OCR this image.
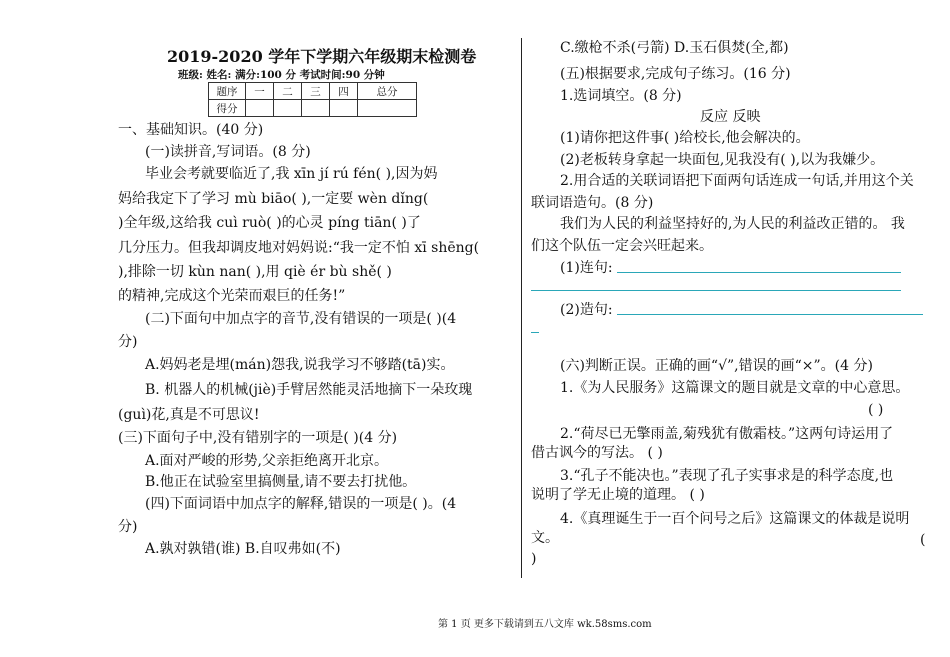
2019-2020 学年下学期六年级期末检测卷
班级: 姓名: 满分:100 分 考试时间:90 分钟
题序	一	二	三	四	总分
得分					
一、基础知识。(40 分)
(一)读拼音,写词语。(8 分)
毕业会考就要临近了,我 xīn jí rú fén( ),因为妈
妈给我定下了学习 mù biāo( ),一定要 wèn dǐng(
)全年级,这给我 cuì ruò( )的心灵 píng tiān( )了
几分压力。但我却调皮地对妈妈说:“我一定不怕 xī shēng(
),排除一切 kùn nan( ),用 qiè ér bù shě( )
的精神,完成这个光荣而艰巨的任务!”
(二)下面句中加点字的音节,没有错误的一项是( )(4
分)
A.妈妈老是埋(mán)怨我,说我学习不够踏(tā)实。
B. 机器人的机械(jiè)手臂居然能灵活地摘下一朵玫瑰
(guì)花,真是不可思议!
(三)下面句子中,没有错别字的一项是( )(4 分)
A.面对严峻的形势,父亲拒绝离开北京。
B.他正在试验室里搞侧量,请不要去打扰他。
(四)下面词语中加点字的解释,错误的一项是( )。(4
分)
A.孰对孰错(谁) B.自叹弗如(不)
C.缴枪不杀(弓箭) D.玉石俱焚(全,都)
(五)根据要求,完成句子练习。(16 分)
1.选词填空。(8 分)
反应 反映
(1)请你把这件事( )给校长,他会解决的。
(2)老板转身拿起一块面包,见我没有( ),以为我嫌少。
2.用合适的关联词语把下面两句话连成一句话,并用这个关
联词语造句。(8 分)
我们为人民的利益坚持好的,为人民的利益改正错的。 我
们这个队伍一定会兴旺起来。
(1)连句:
(2)造句:
(六)判断正误。正确的画“√”,错误的画“×”。(4 分)
1.《为人民服务》这篇课文的题目就是文章的中心意思。
( )
2.“荷尽已无擎雨盖,菊残犹有傲霜枝。”这两句诗运用了
借古讽今的写法。 ( )
3.“孔子不能决也。”表现了孔子实事求是的科学态度,也
说明了学无止境的道理。 ( )
4.《真理诞生于一百个问号之后》这篇课文的体裁是说明
文。	(
)
第 1 页 更多下载请到五八文库 wk.58sms.com
